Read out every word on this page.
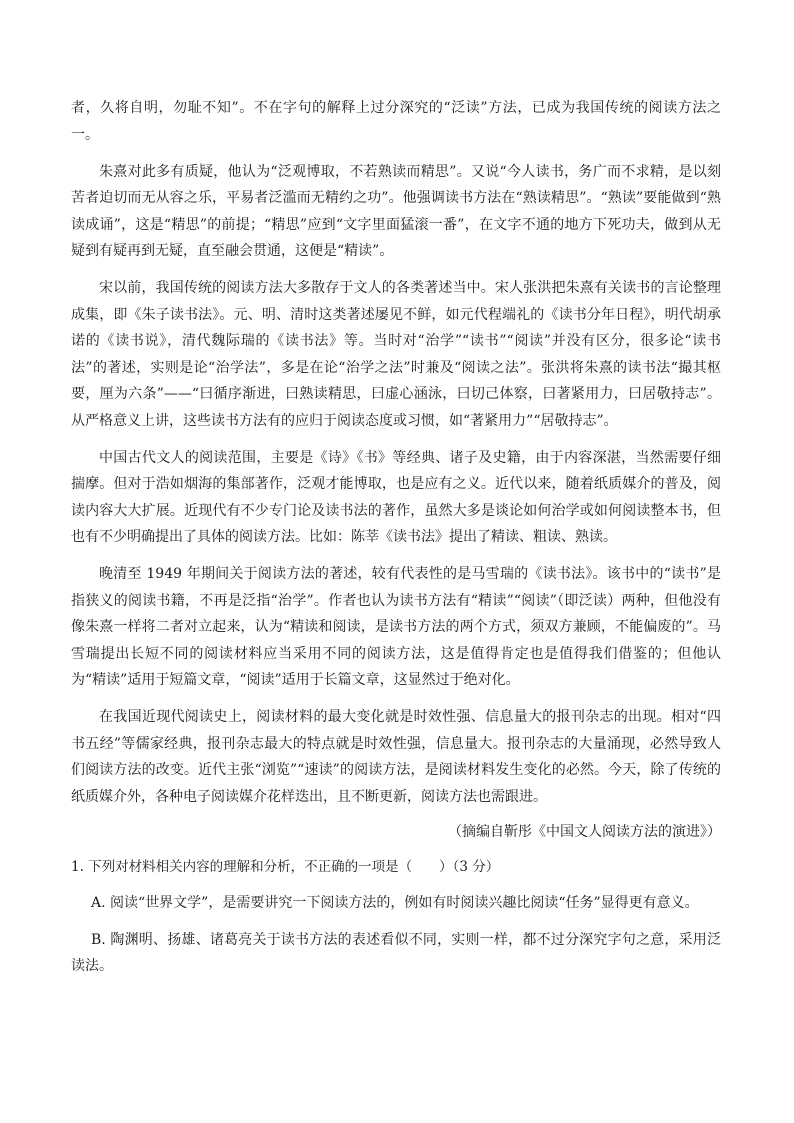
者，久将自明，勿耻不知”。不在字句的解释上过分深究的“泛读”方法，已成为我国传统的阅读方法之一。

朱熹对此多有质疑，他认为“泛观博取，不若熟读而精思”。又说“今人读书，务广而不求精，是以刻苦者迫切而无从容之乐，平易者泛滥而无精约之功”。他强调读书方法在“熟读精思”。“熟读”要能做到“熟读成诵”，这是“精思”的前提；“精思”应到“文字里面猛滚一番”，在文字不通的地方下死功夫，做到从无疑到有疑再到无疑，直至融会贯通，这便是“精读”。

宋以前，我国传统的阅读方法大多散存于文人的各类著述当中。宋人张洪把朱熹有关读书的言论整理成集，即《朱子读书法》。元、明、清时这类著述屡见不鲜，如元代程端礼的《读书分年日程》，明代胡承诺的《读书说》，清代魏际瑞的《读书法》等。当时对“治学”“读书”“阅读”并没有区分，很多论“读书法”的著述，实则是论“治学法”，多是在论“治学之法”时兼及“阅读之法”。张洪将朱熹的读书法“撮其枢要，厘为六条”——“曰循序渐进，曰熟读精思，曰虚心涵泳，曰切己体察，曰著紧用力，曰居敬持志”。从严格意义上讲，这些读书方法有的应归于阅读态度或习惯，如“著紧用力”“居敬持志”。

中国古代文人的阅读范围，主要是《诗》《书》等经典、诸子及史籍，由于内容深湛，当然需要仔细揣摩。但对于浩如烟海的集部著作，泛观才能博取，也是应有之义。近代以来，随着纸质媒介的普及，阅读内容大大扩展。近现代有不少专门论及读书法的著作，虽然大多是谈论如何治学或如何阅读整本书，但也有不少明确提出了具体的阅读方法。比如：陈莘《读书法》提出了精读、粗读、熟读。

晚清至 1949 年期间关于阅读方法的著述，较有代表性的是马雪瑞的《读书法》。该书中的“读书”是指狭义的阅读书籍，不再是泛指“治学”。作者也认为读书方法有“精读”“阅读”（即泛读）两种，但他没有像朱熹一样将二者对立起来，认为“精读和阅读，是读书方法的两个方式，须双方兼顾，不能偏废的”。马雪瑞提出长短不同的阅读材料应当采用不同的阅读方法，这是值得肯定也是值得我们借鉴的；但他认为“精读”适用于短篇文章，“阅读”适用于长篇文章，这显然过于绝对化。

在我国近现代阅读史上，阅读材料的最大变化就是时效性强、信息量大的报刊杂志的出现。相对“四书五经”等儒家经典，报刊杂志最大的特点就是时效性强，信息量大。报刊杂志的大量涌现，必然导致人们阅读方法的改变。近代主张“浏览”“速读”的阅读方法，是阅读材料发生变化的必然。今天，除了传统的纸质媒介外，各种电子阅读媒介花样迭出，且不断更新，阅读方法也需跟进。

（摘编自靳彤《中国文人阅读方法的演进》）

1. 下列对材料相关内容的理解和分析，不正确的一项是（　　）（3 分）

A. 阅读“世界文学”，是需要讲究一下阅读方法的，例如有时阅读兴趣比阅读“任务”显得更有意义。

B. 陶渊明、扬雄、诸葛亮关于读书方法的表述看似不同，实则一样，都不过分深究字句之意，采用泛读法。
